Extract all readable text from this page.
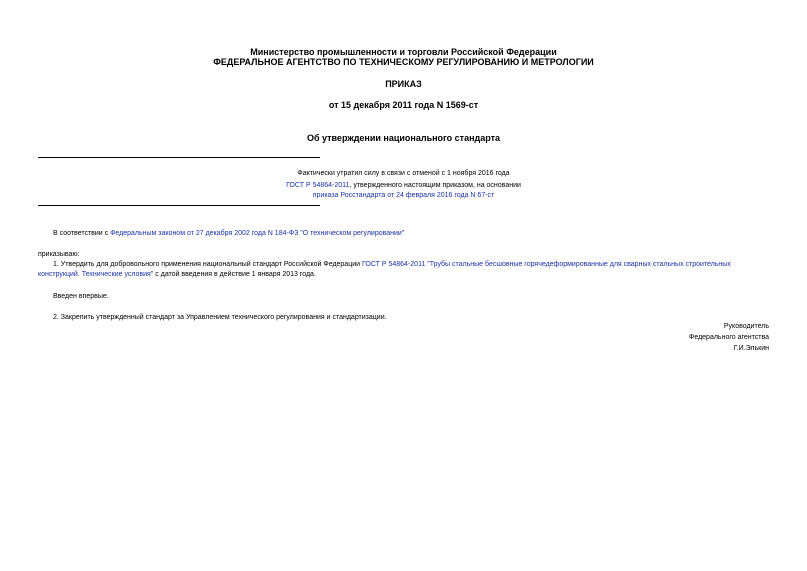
Министерство промышленности и торговли Российской Федерации
ФЕДЕРАЛЬНОЕ АГЕНТСТВО ПО ТЕХНИЧЕСКОМУ РЕГУЛИРОВАНИЮ И МЕТРОЛОГИИ
ПРИКАЗ
от 15 декабря 2011 года N 1569-ст
Об утверждении национального стандарта
Фактически утратил силу в связи с отменой с 1 ноября 2016 года
ГОСТ Р 54864-2011, утвержденного настоящим приказом, на основании
приказа Росстандарта от 24 февраля 2016 года N 67-ст
В соответствии с Федеральным законом от 27 декабря 2002 года N 184-ФЗ "О техническом регулировании"
приказываю:
1. Утвердить для добровольного применения национальный стандарт Российской Федерации ГОСТ Р 54864-2011 "Трубы стальные бесшовные горячедеформированные для сварных стальных строительных
конструкций. Технические условия" с датой введения в действие 1 января 2013 года.
Введен впервые.
2. Закрепить утвержденный стандарт за Управлением технического регулирования и стандартизации.
Руководитель
Федерального агентства
Г.И.Элькин
